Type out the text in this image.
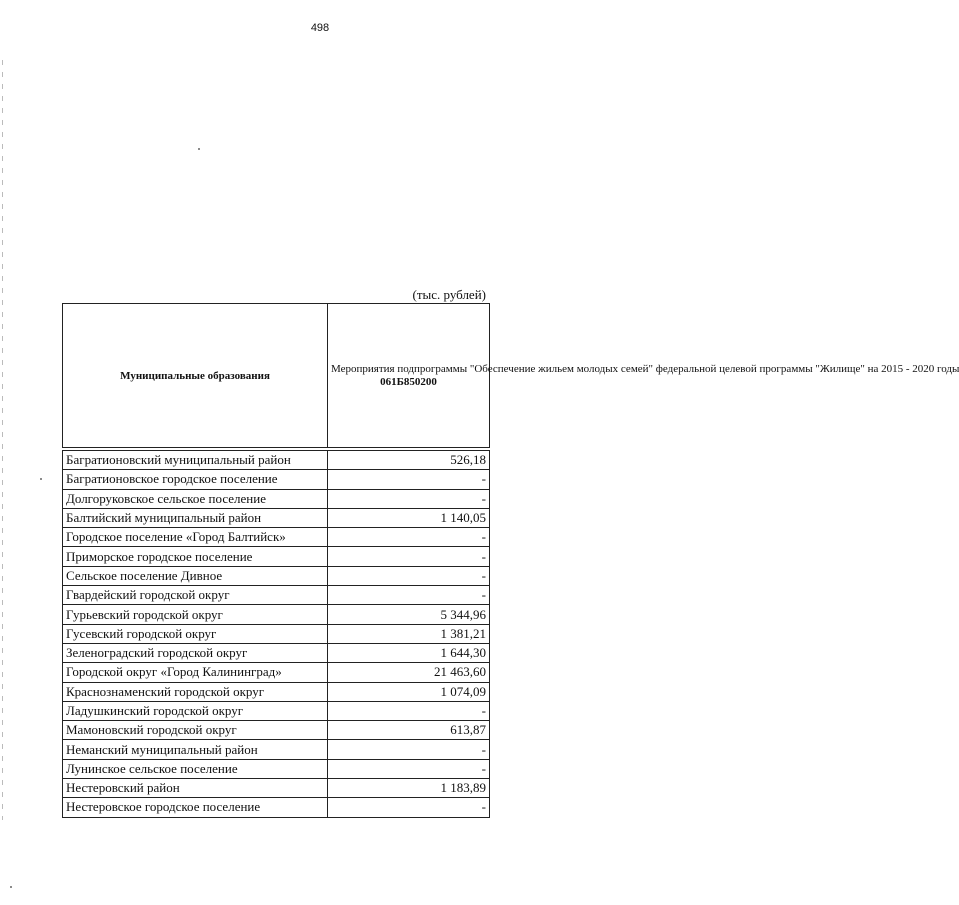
498
(тыс. рублей)
Муниципальные образования	Мероприятия подпрограммы "Обеспечение жильем молодых семей" федеральной целевой программы "Жилище" на 2015 - 2020 годы
061Б850200

Багратионовский муниципальный район	526,18
Багратионовское городское поселение	-
Долгоруковское сельское поселение	-
Балтийский муниципальный район	1 140,05
Городское поселение «Город Балтийск»	-
Приморское городское поселение	-
Сельское поселение Дивное	-
Гвардейский городской округ	-
Гурьевский городской округ	5 344,96
Гусевский городской округ	1 381,21
Зеленоградский городской округ	1 644,30
Городской округ «Город Калининград»	21 463,60
Краснознаменский городской округ	1 074,09
Ладушкинский городской округ	-
Мамоновский городской округ	613,87
Неманский муниципальный район	-
Лунинское сельское поселение	-
Нестеровский район	1 183,89
Нестеровское городское поселение	-
